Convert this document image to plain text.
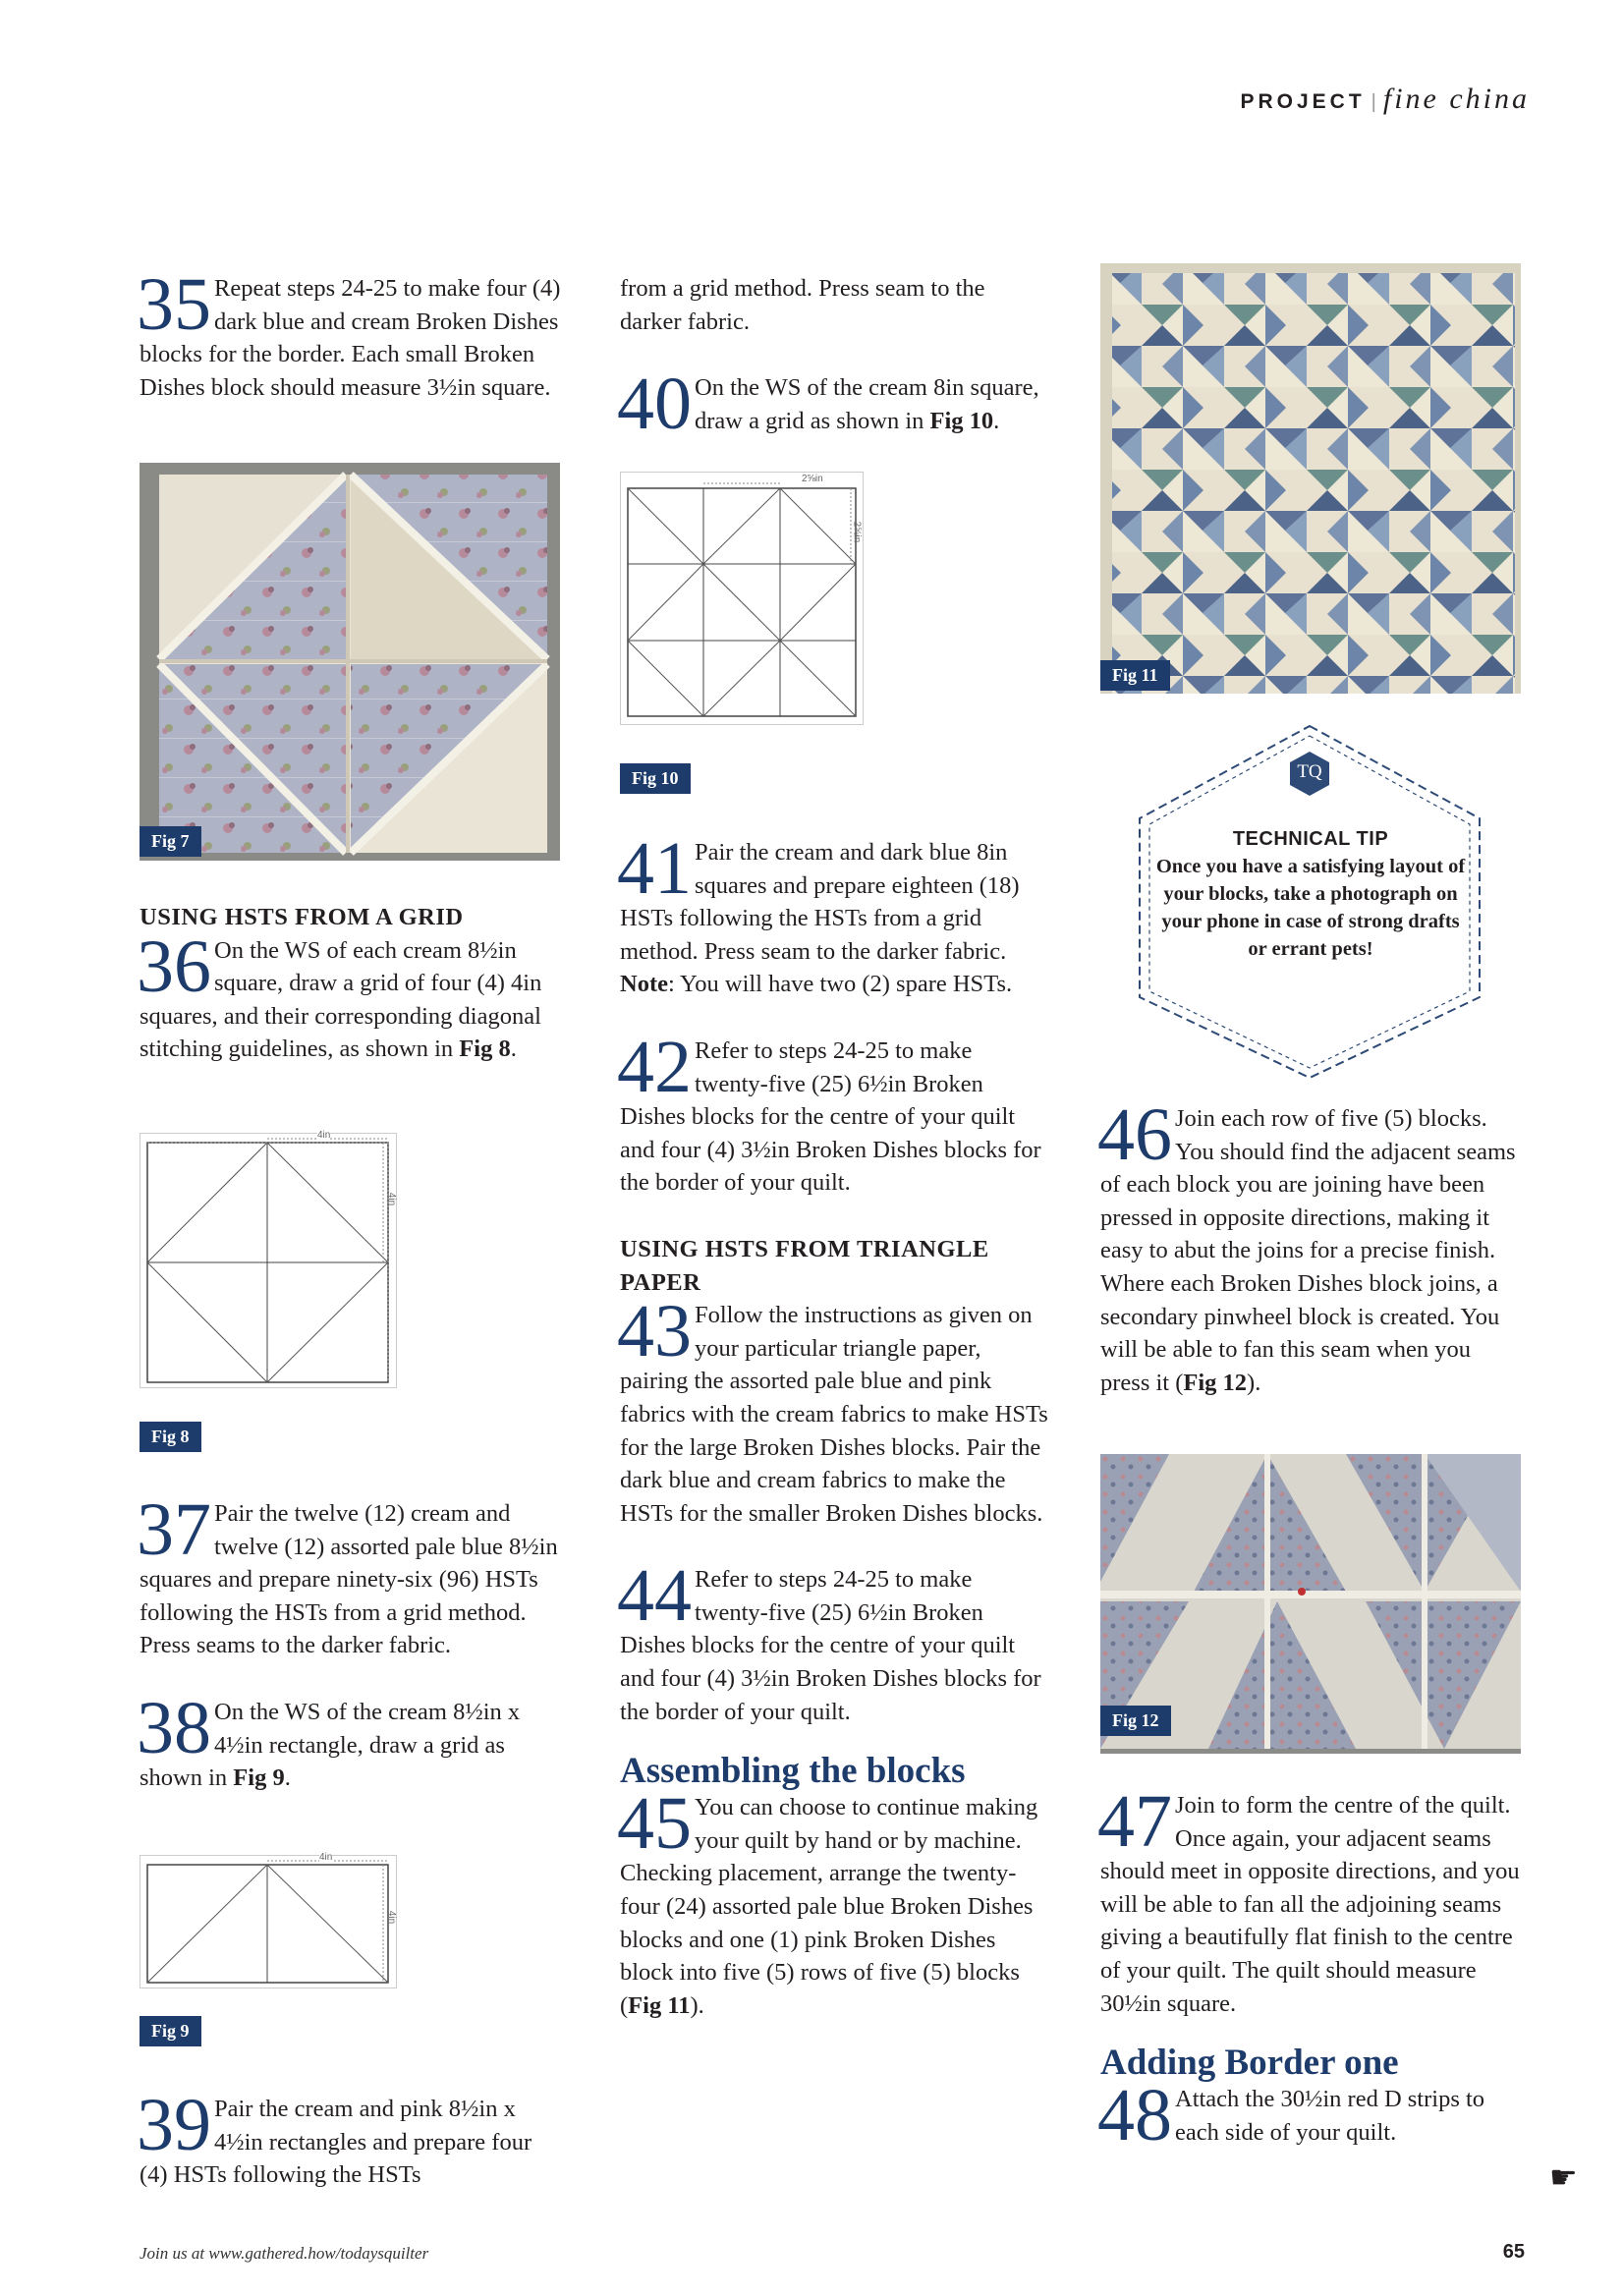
PROJECT | fine china
35 Repeat steps 24-25 to make four (4) dark blue and cream Broken Dishes blocks for the border. Each small Broken Dishes block should measure 3½in square.
Fig 7

USING HSTS FROM A GRID

36 On the WS of each cream 8½in square, draw a grid of four (4) 4in squares, and their corresponding diagonal stitching guidelines, as shown in Fig 8.
4in
4in
Fig 8
37 Pair the twelve (12) cream and twelve (12) assorted pale blue 8½in squares and prepare ninety-six (96) HSTs following the HSTs from a grid method. Press seams to the darker fabric.
38 On the WS of the cream 8½in x 4½in rectangle, draw a grid as shown in Fig 9.
4in
4in
Fig 9
39 Pair the cream and pink 8½in x 4½in rectangles and prepare four (4) HSTs following the HSTs

from a grid method. Press seam to the darker fabric.

40 On the WS of the cream 8in square, draw a grid as shown in Fig 10.
2⅝in
2⅝in
Fig 10
41 Pair the cream and dark blue 8in squares and prepare eighteen (18) HSTs following the HSTs from a grid method. Press seam to the darker fabric. Note: You will have two (2) spare HSTs.
42 Refer to steps 24-25 to make twenty-five (25) 6½in Broken Dishes blocks for the centre of your quilt and four (4) 3½in Broken Dishes blocks for the border of your quilt.

USING HSTS FROM TRIANGLE PAPER

43 Follow the instructions as given on your particular triangle paper, pairing the assorted pale blue and pink fabrics with the cream fabrics to make HSTs for the large Broken Dishes blocks. Pair the dark blue and cream fabrics to make the HSTs for the smaller Broken Dishes blocks.
44 Refer to steps 24-25 to make twenty-five (25) 6½in Broken Dishes blocks for the centre of your quilt and four (4) 3½in Broken Dishes blocks for the border of your quilt.

Assembling the blocks

45 You can choose to continue making your quilt by hand or by machine. Checking placement, arrange the twenty-four (24) assorted pale blue Broken Dishes blocks and one (1) pink Broken Dishes block into five (5) rows of five (5) blocks (Fig 11).
Fig 11
TQ
TECHNICAL TIP
Once you have a satisfying layout of your blocks, take a photograph on your phone in case of strong drafts or errant pets!
46 Join each row of five (5) blocks. You should find the adjacent seams of each block you are joining have been pressed in opposite directions, making it easy to abut the joins for a precise finish. Where each Broken Dishes block joins, a secondary pinwheel block is created. You will be able to fan this seam when you press it (Fig 12).
Fig 12
47 Join to form the centre of the quilt. Once again, your adjacent seams should meet in opposite directions, and you will be able to fan all the adjoining seams giving a beautifully flat finish to the centre of your quilt. The quilt should measure 30½in square.

Adding Border one

48 Attach the 30½in red D strips to each side of your quilt.
☛
Join us at www.gathered.how/todaysquilter	65
